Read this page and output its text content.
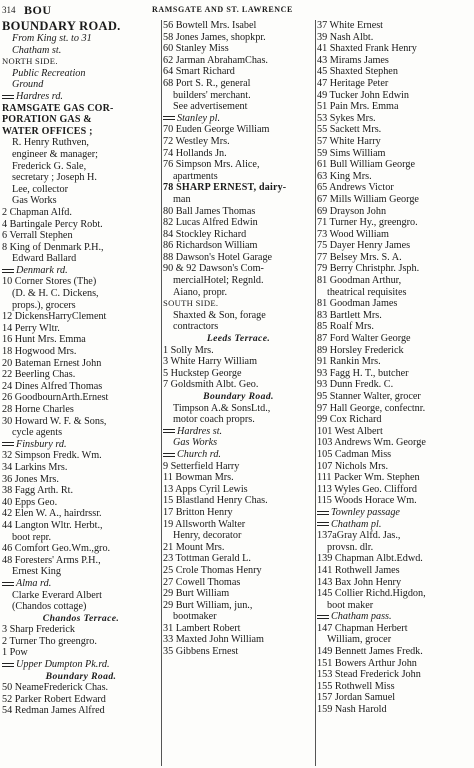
314 BOU	RAMSGATE AND ST. LAWRENCE
BOUNDARY ROAD.
From King st. to 31
Chatham st.
NORTH SIDE.
Public Recreation
Ground
Hardres rd.
RAMSGATE GAS COR-
PORATION GAS &
WATER OFFICES ;
R. Henry Ruthven,
engineer & manager;
Frederick G. Sale,
secretary ; Joseph H.
Lee, collector
Gas Works
2 Chapman Alfd.
4 Bartingale Percy Robt.
6 Verrall Stephen
8 King of Denmark P.H.,
Edward Ballard
Denmark rd.
10 Corner Stores (The)
(D. & H. C. Dickens,
props.), grocers
12 DickensHarryClement
14 Perry Wltr.
16 Hunt Mrs. Emma
18 Hogwood Mrs.
20 Bateman Ernest John
22 Beerling Chas.
24 Dines Alfred Thomas
26 GoodbournArth.Ernest
28 Horne Charles
30 Howard W. F. & Sons,
cycle agents
Finsbury rd.
32 Simpson Fredk. Wm.
34 Larkins Mrs.
36 Jones Mrs.
38 Fagg Arth. Rt.
40 Epps Geo.
42 Elen W. A., hairdrssr.
44 Langton Wltr. Herbt.,
boot repr.
46 Comfort Geo.Wm.,gro.
48 Foresters' Arms P.H.,
Ernest King
Alma rd.
Clarke Everard Albert
(Chandos cottage)
Chandos Terrace.
3 Sharp Frederick
2 Turner Tho greengro.
1 Pow
Upper Dumpton Pk.rd.
Boundary Road.
50 NeameFrederick Chas.
52 Parker Robert Edward
54 Redman James Alfred
56 Bowtell Mrs. Isabel
58 Jones James, shopkpr.
60 Stanley Miss
62 Jarman AbrahamChas.
64 Smart Richard
68 Port S. R., general
builders' merchant.
See advertisement
Stanley pl.
70 Euden George William
72 Westley Mrs.
74 Hollands Jn.
76 Simpson Mrs. Alice,
apartments
78 SHARP ERNEST, dairy-
man
80 Ball James Thomas
82 Lucas Alfred Edwin
84 Stockley Richard
86 Richardson William
88 Dawson's Hotel Garage
90 & 92 Dawson's Com-
mercialHotel; Regnld.
Aiano, propr.
SOUTH SIDE.
Shaxted & Son, forage
contractors
Leeds Terrace.
1 Solly Mrs.
3 White Harry William
5 Huckstep George
7 Goldsmith Albt. Geo.
Boundary Road.
Timpson A.& SonsLtd.,
motor coach proprs.
Hardres st.
Gas Works
Church rd.
9 Setterfield Harry
11 Bowman Mrs.
13 Apps Cyril Lewis
15 Blastland Henry Chas.
17 Britton Henry
19 Allsworth Walter
Henry, decorator
21 Mount Mrs.
23 Tottman Gerald L.
25 Crole Thomas Henry
27 Cowell Thomas
29 Burt William
29 Burt William, jun.,
bootmaker
31 Lambert Robert
33 Maxted John William
35 Gibbens Ernest
37 White Ernest
39 Nash Albt.
41 Shaxted Frank Henry
43 Mirams James
45 Shaxted Stephen
47 Heritage Peter
49 Tucker John Edwin
51 Pain Mrs. Emma
53 Sykes Mrs.
55 Sackett Mrs.
57 White Harry
59 Sims William
61 Bull William George
63 King Mrs.
65 Andrews Victor
67 Mills William George
69 Drayson John
71 Turner Hy., greengro.
73 Wood William
75 Dayer Henry James
77 Belsey Mrs. S. A.
79 Berry Christphr. Jsph.
81 Goodman Arthur,
theatrical requisites
81 Goodman James
83 Bartlett Mrs.
85 Roalf Mrs.
87 Ford Walter George
89 Horsley Frederick
91 Rankin Mrs.
93 Fagg H. T., butcher
93 Dunn Fredk. C.
95 Stanner Walter, grocer
97 Hall George, confectnr.
99 Cox Richard
101 West Albert
103 Andrews Wm. George
105 Cadman Miss
107 Nichols Mrs.
111 Packer Wm. Stephen
113 Wyles Geo. Clifford
115 Woods Horace Wm.
Townley passage
Chatham pl.
137aGray Alfd. Jas.,
provsn. dlr.
139 Chapman Albt.Edwd.
141 Rothwell James
143 Bax John Henry
145 Collier Richd.Higdon,
boot maker
Chatham pass.
147 Chapman Herbert
William, grocer
149 Bennett James Fredk.
151 Bowers Arthur John
153 Stead Frederick John
155 Rothwell Miss
157 Jordan Samuel
159 Nash Harold
